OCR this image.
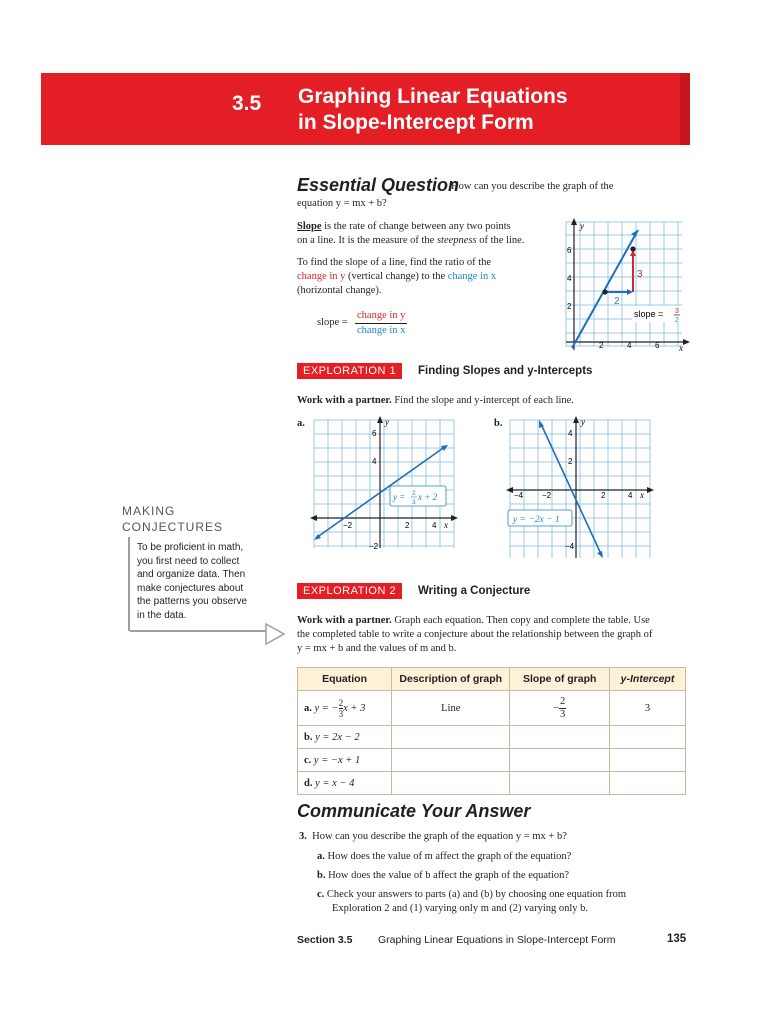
3.5 Graphing Linear Equations
in Slope-Intercept Form
Essential Question
How can you describe the graph of the
equation y = mx + b?
Slope is the rate of change between any two points
on a line. It is the measure of the steepness of the line.
To find the slope of a line, find the ratio of the
change in y (vertical change) to the change in x
(horizontal change).
slope =
change in y
change in x
y
x
6
4
2
2	4	6
3
2
slope = 3
2
EXPLORATION 1	Finding Slopes and y-Intercepts
Work with a partner. Find the slope and y-intercept of each line.
a.	b.
y
x
6
4
−2
−2	2	4
y = 2
3
x + 2
y
x
4
2
−4
−4 −2	2	4
y = −2x − 1
MAKING
CONJECTURES
To be proficient in math,
you first need to collect
and organize data. Then
make conjectures about
the patterns you observe
in the data.
EXPLORATION 2	Writing a Conjecture
Work with a partner. Graph each equation. Then copy and complete the table. Use
the completed table to write a conjecture about the relationship between the graph of
y = mx + b and the values of m and b.
Equation	Description of graph	Slope of graph	y-Intercept
a. y = − $\frac{2}{3}$ x + 3	Line	− $\frac{2}{3}$	3
b. y = 2x − 2			
c. y = −x + 1			
d. y = x − 4			
Communicate Your Answer
3. How can you describe the graph of the equation y = mx + b?
a. How does the value of m affect the graph of the equation?
b. How does the value of b affect the graph of the equation?
c. Check your answers to parts (a) and (b) by choosing one equation from
Exploration 2 and (1) varying only m and (2) varying only b.
Section 3.5 Graphing Linear Equations in Slope-Intercept Form	135
